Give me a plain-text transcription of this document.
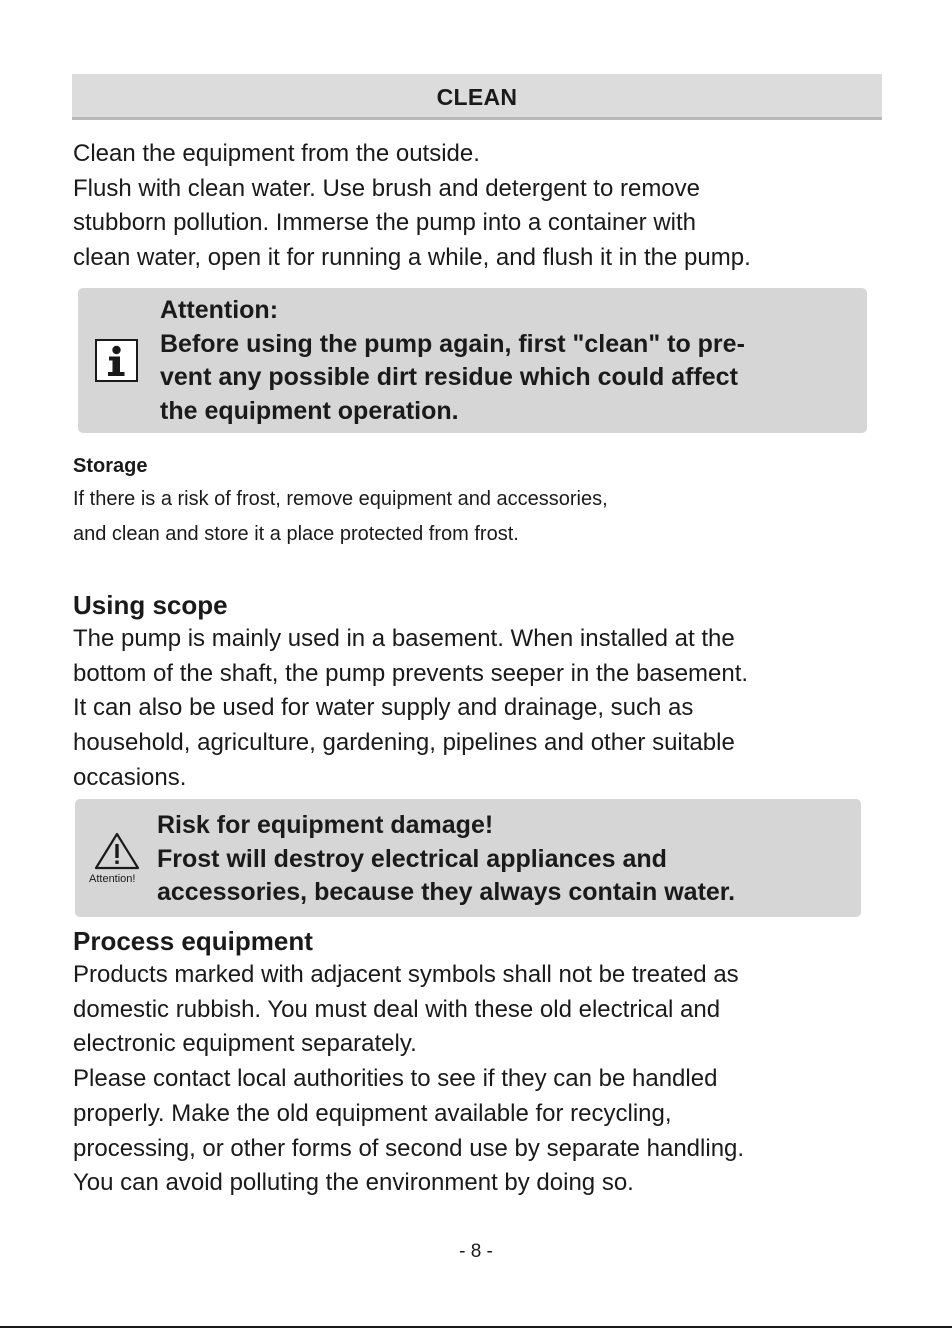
CLEAN

Clean the equipment from the outside.
Flush with clean water. Use brush and detergent to remove
stubborn pollution. Immerse the pump into a container with
clean water, open it for running a while, and flush it in the pump.

Attention:
Before using the pump again, first "clean" to pre-
vent any possible dirt residue which could affect
the equipment operation.

Storage

If there is a risk of frost, remove equipment and accessories,
and clean and store it a place protected from frost.

Using scope

The pump is mainly used in a basement. When installed at the
bottom of the shaft, the pump prevents seeper in the basement.
It can also be used for water supply and drainage, such as
household, agriculture, gardening, pipelines and other suitable
occasions.

Attention!

Risk for equipment damage!
Frost will destroy electrical appliances and
accessories, because they always contain water.

Process equipment

Products marked with adjacent symbols shall not be treated as
domestic rubbish. You must deal with these old electrical and
electronic equipment separately.
Please contact local authorities to see if they can be handled
properly. Make the old equipment available for recycling,
processing, or other forms of second use by separate handling.
You can avoid polluting the environment by doing so.

- 8 -
